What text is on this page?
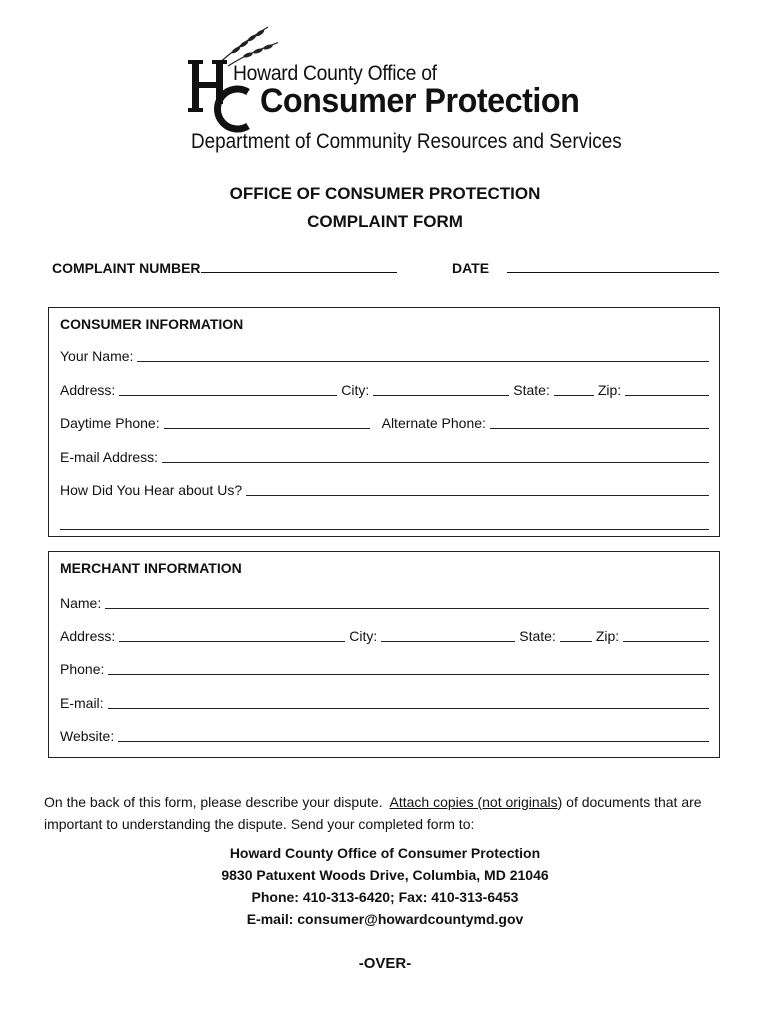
Howard County Office of
Consumer Protection
Department of Community Resources and Services
OFFICE OF CONSUMER PROTECTION
COMPLAINT FORM
COMPLAINT NUMBER	DATE
CONSUMER INFORMATION
Your Name:
Address:	City:	State:	Zip:
Daytime Phone:	Alternate Phone:
E-mail Address:
How Did You Hear about Us?
MERCHANT INFORMATION
Name:
Address:	City:	State:	Zip:
Phone:
E-mail:
Website:
On the back of this form, please describe your dispute.  Attach copies (not originals) of documents that are important to understanding the dispute. Send your completed form to:
Howard County Office of Consumer Protection
9830 Patuxent Woods Drive, Columbia, MD 21046
Phone: 410-313-6420; Fax: 410-313-6453
E-mail: consumer@howardcountymd.gov
-OVER-
